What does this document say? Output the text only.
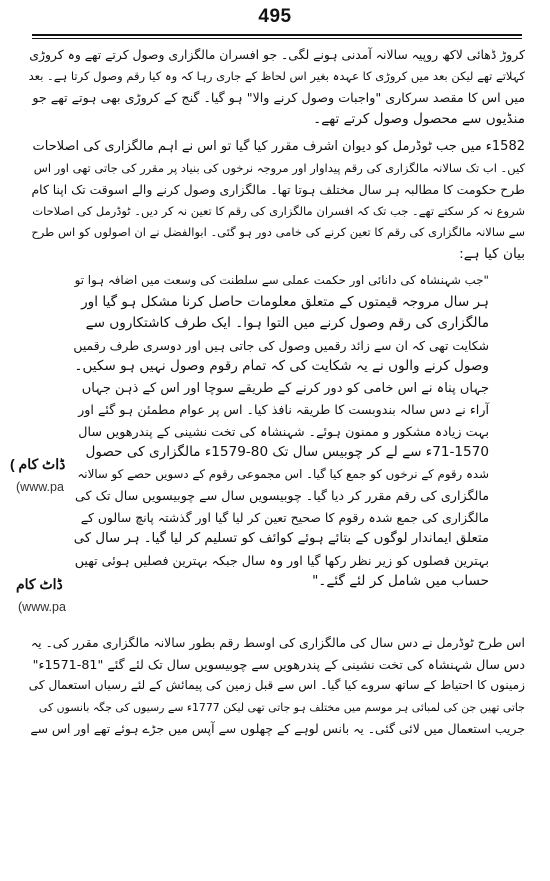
495

کروڑ ڈھائی لاکھ روپیہ سالانہ آمدنی ہونے لگی۔ جو افسران مالگزاری وصول کرتے تھے وہ کروڑی

کہلاتے تھے لیکن بعد میں کروڑی کا عہدہ بغیر اس لحاظ کے جاری رہا کہ وہ کیا رقم وصول کرتا ہے۔ بعد

میں اس کا مقصد سرکاری "واجبات وصول کرنے والا" ہو گیا۔ گنج کے کروڑی بھی ہوتے تھے جو

منڈیوں سے محصول وصول کرتے تھے۔

1582ء میں جب ٹوڈرمل کو دیوان اشرف مقرر کیا گیا تو اس نے اہم مالگزاری کی اصلاحات

کیں۔ اب تک سالانہ مالگزاری کی رقم پیداوار اور مروجہ نرخوں کی بنیاد پر مقرر کی جاتی تھی اور اس

طرح حکومت کا مطالبہ ہر سال مختلف ہوتا تھا۔ مالگزاری وصول کرنے والے اسوقت تک اپنا کام

شروع نہ کر سکتے تھے۔ جب تک کہ افسران مالگزاری کی رقم کا تعین نہ کر دیں۔ ٹوڈرمل کی اصلاحات

سے سالانہ مالگزاری کی رقم کا تعین کرنے کی خامی دور ہو گئی۔ ابوالفضل نے ان اصولوں کو اس طرح

بیان کیا ہے:

"جب شہنشاہ کی دانائی اور حکمت عملی سے سلطنت کی وسعت میں اضافہ ہوا تو

ہر سال مروجہ قیمتوں کے متعلق معلومات حاصل کرنا مشکل ہو گیا اور

مالگزاری کی رقم وصول کرنے میں التوا ہوا۔ ایک طرف کاشتکاروں سے

شکایت تھی کہ ان سے زائد رقمیں وصول کی جاتی ہیں اور دوسری طرف رقمیں

وصول کرنے والوں نے یہ شکایت کی کہ تمام رقوم وصول نہیں ہو سکیں۔

جہاں پناہ نے اس خامی کو دور کرنے کے طریقے سوچا اور اس کے ذہن جہاں

آراء نے دس سالہ بندوبست کا طریقہ نافذ کیا۔ اس پر عوام مطمئن ہو گئے اور

بہت زیادہ مشکور و ممنون ہوئے۔ شہنشاہ کی تخت نشینی کے پندرھویں سال

71-1570ء سے لے کر چوبیس سال تک 80-1579ء مالگزاری کی حصول

شدہ رقوم کے نرخوں کو جمع کیا گیا۔ اس مجموعی رقوم کے دسویں حصے کو سالانہ

مالگزاری کی رقم مقرر کر دیا گیا۔ چوبیسویں سال سے چوبیسویں سال تک کی

مالگزاری کی جمع شدہ رقوم کا صحیح تعین کر لیا گیا اور گذشتہ پانچ سالوں کے

متعلق ایماندار لوگوں کے بتائے ہوئے کوائف کو تسلیم کر لیا گیا۔ ہر سال کی

بہترین فصلوں کو زیر نظر رکھا گیا اور وہ سال جبکہ بہترین فصلیں ہوئی تھیں

حساب میں شامل کر لئے گئے۔"

اس طرح ٹوڈرمل نے دس سال کی مالگزاری کی اوسط رقم بطور سالانہ مالگزاری مقرر کی۔ یہ

دس سال شہنشاہ کی تخت نشینی کے پندرھویں سے چوبیسویں سال تک لئے گئے "81-1571ء"

زمینوں کا احتیاط کے ساتھ سروے کیا گیا۔ اس سے قبل زمین کی پیمائش کے لئے رسیاں استعمال کی

جاتی تھیں جن کی لمبائی ہر موسم میں مختلف ہو جاتی تھی لیکن 1777ء سے رسیوں کی جگہ بانسوں کی

جریب استعمال میں لائی گئی۔ یہ بانس لوہے کے چھلوں سے آپس میں جڑے ہوئے تھے اور اس سے

ڈاٹ کام )
(www.pa
ڈاٹ کام
(www.pa
